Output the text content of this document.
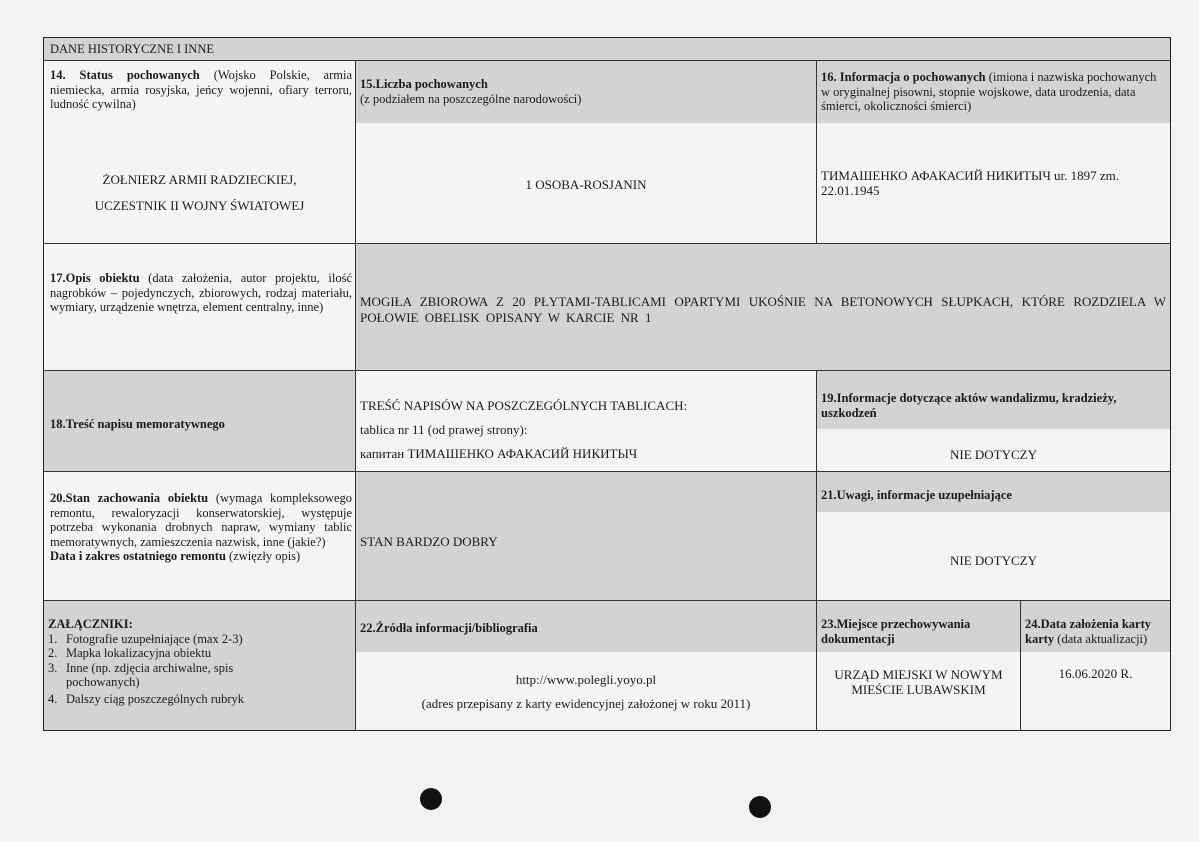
DANE HISTORYCZNE I INNE
14. Status pochowanych (Wojsko Polskie, armia niemiecka, armia rosyjska, jeńcy wojenni, ofiary terroru, ludność cywilna)
15.Liczba pochowanych
(z podziałem na poszczególne narodowości)
16. Informacja o pochowanych (imiona i nazwiska pochowanych w oryginalnej pisowni, stopnie wojskowe, data urodzenia, data śmierci, okoliczności śmierci)
ŻOŁNIERZ ARMII RADZIECKIEJ,
UCZESTNIK II WOJNY ŚWIATOWEJ
1 OSOBA-ROSJANIN
ТИМАШЕНКО АФАКАСИЙ НИКИТЫЧ ur. 1897 zm. 22.01.1945
17.Opis obiektu (data założenia, autor projektu, ilość nagrobków – pojedynczych, zbiorowych, rodzaj materiału, wymiary, urządzenie wnętrza, element centralny, inne)	MOGIŁA ZBIOROWA Z 20 PŁYTAMI-TABLICAMI OPARTYMI UKOŚNIE NA BETONOWYCH SŁUPKACH, KTÓRE ROZDZIELA W POŁOWIE OBELISK OPISANY W KARCIE NR 1
18.Treść napisu memoratywnego
TREŚĆ NAPISÓW NA POSZCZEGÓLNYCH TABLICACH:
tablica nr 11 (od prawej strony):
капитан ТИМАШЕНКО АФАКАСИЙ НИКИТЫЧ
19.Informacje dotyczące aktów wandalizmu, kradzieży, uszkodzeń
NIE DOTYCZY
20.Stan zachowania obiektu (wymaga kompleksowego remontu, rewaloryzacji konserwatorskiej, występuje potrzeba wykonania drobnych napraw, wymiany tablic memoratywnych, zamieszczenia nazwisk, inne (jakie?)
Data i zakres ostatniego remontu (zwięzły opis)
STAN BARDZO DOBRY
21.Uwagi, informacje uzupełniające
NIE DOTYCZY
ZAŁĄCZNIKI:
1. Fotografie uzupełniające (max 2-3)
2. Mapka lokalizacyjna obiektu
3. Inne (np. zdjęcia archiwalne, spis pochowanych)
4. Dalszy ciąg poszczególnych rubryk
22.Źródła informacji/bibliografia
http://www.polegli.yoyo.pl
(adres przepisany z karty ewidencyjnej założonej w roku 2011)
23.Miejsce przechowywania dokumentacji
URZĄD MIEJSKI W NOWYM MIEŚCIE LUBAWSKIM
24.Data założenia karty
karty (data aktualizacji)
16.06.2020 R.
